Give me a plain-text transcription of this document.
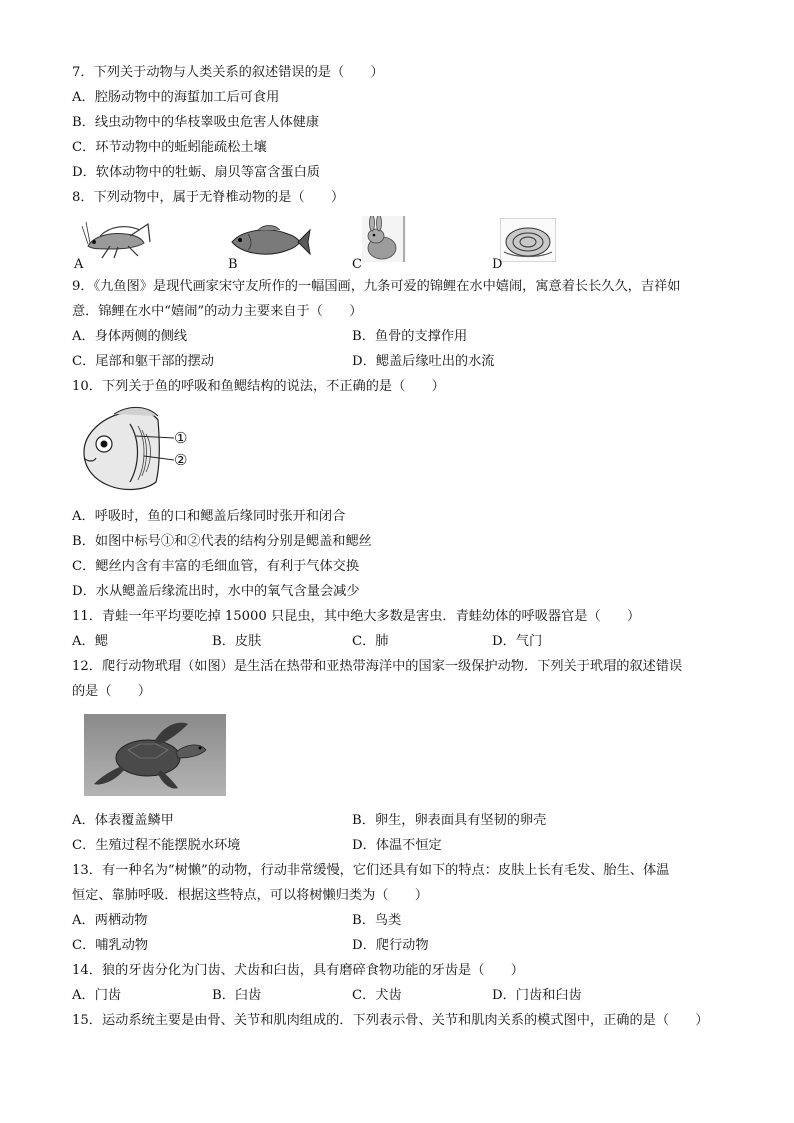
7．下列关于动物与人类关系的叙述错误的是（　　）
A．腔肠动物中的海蜇加工后可食用
B．线虫动物中的华枝睾吸虫危害人体健康
C．环节动物中的蚯蚓能疏松土壤
D．软体动物中的牡蛎、扇贝等富含蛋白质
8．下列动物中，属于无脊椎动物的是（　　）
A	B	C	D
9．《九鱼图》是现代画家宋守友所作的一幅国画，九条可爱的锦鲤在水中嬉闹，寓意着长长久久，吉祥如
意．锦鲤在水中“嬉闹”的动力主要来自于（　　）
A．身体两侧的侧线	B．鱼骨的支撑作用
C．尾部和躯干部的摆动	D．鳃盖后缘吐出的水流
10．下列关于鱼的呼吸和鱼鳃结构的说法，不正确的是（　　）
①
②
A．呼吸时，鱼的口和鳃盖后缘同时张开和闭合
B．如图中标号①和②代表的结构分别是鳃盖和鳃丝
C．鳃丝内含有丰富的毛细血管，有利于气体交换
D．水从鳃盖后缘流出时，水中的氧气含量会减少
11．青蛙一年平均要吃掉 15000 只昆虫，其中绝大多数是害虫．青蛙幼体的呼吸器官是（　　）
A．鳃	B．皮肤	C．肺	D．气门
12．爬行动物玳瑁（如图）是生活在热带和亚热带海洋中的国家一级保护动物．下列关于玳瑁的叙述错误
的是（　　）
A．体表覆盖鳞甲	B．卵生，卵表面具有坚韧的卵壳
C．生殖过程不能摆脱水环境	D．体温不恒定
13．有一种名为“树懒”的动物，行动非常缓慢，它们还具有如下的特点：皮肤上长有毛发、胎生、体温
恒定、靠肺呼吸．根据这些特点，可以将树懒归类为（　　）
A．两栖动物	B．鸟类
C．哺乳动物	D．爬行动物
14．狼的牙齿分化为门齿、犬齿和臼齿，具有磨碎食物功能的牙齿是（　　）
A．门齿	B．臼齿	C．犬齿	D．门齿和臼齿
15．运动系统主要是由骨、关节和肌肉组成的．下列表示骨、关节和肌肉关系的模式图中，正确的是（　　）
